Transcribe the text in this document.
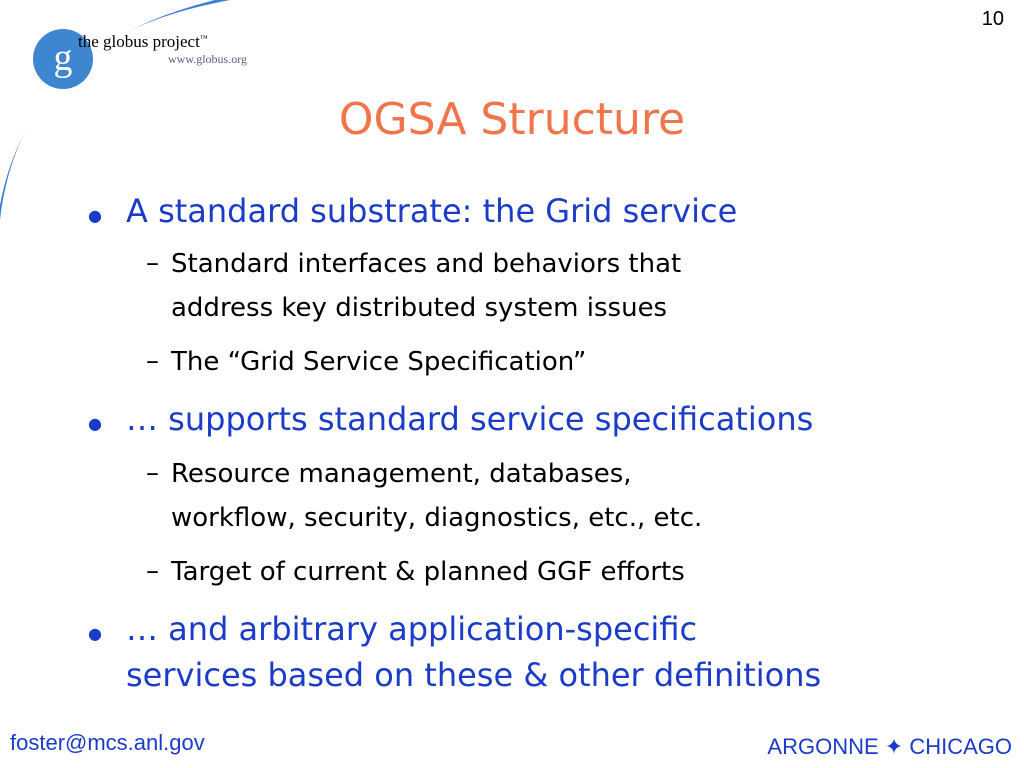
10
g the globus project™
www.globus.org
OGSA Structure
● A standard substrate: the Grid service
– Standard interfaces and behaviors that
address key distributed system issues
– The “Grid Service Specification”
● … supports standard service specifications
– Resource management, databases,
workflow, security, diagnostics, etc., etc.
– Target of current & planned GGF efforts
● … and arbitrary application-specific
services based on these & other definitions
foster@mcs.anl.gov	ARGONNE ✦ CHICAGO
